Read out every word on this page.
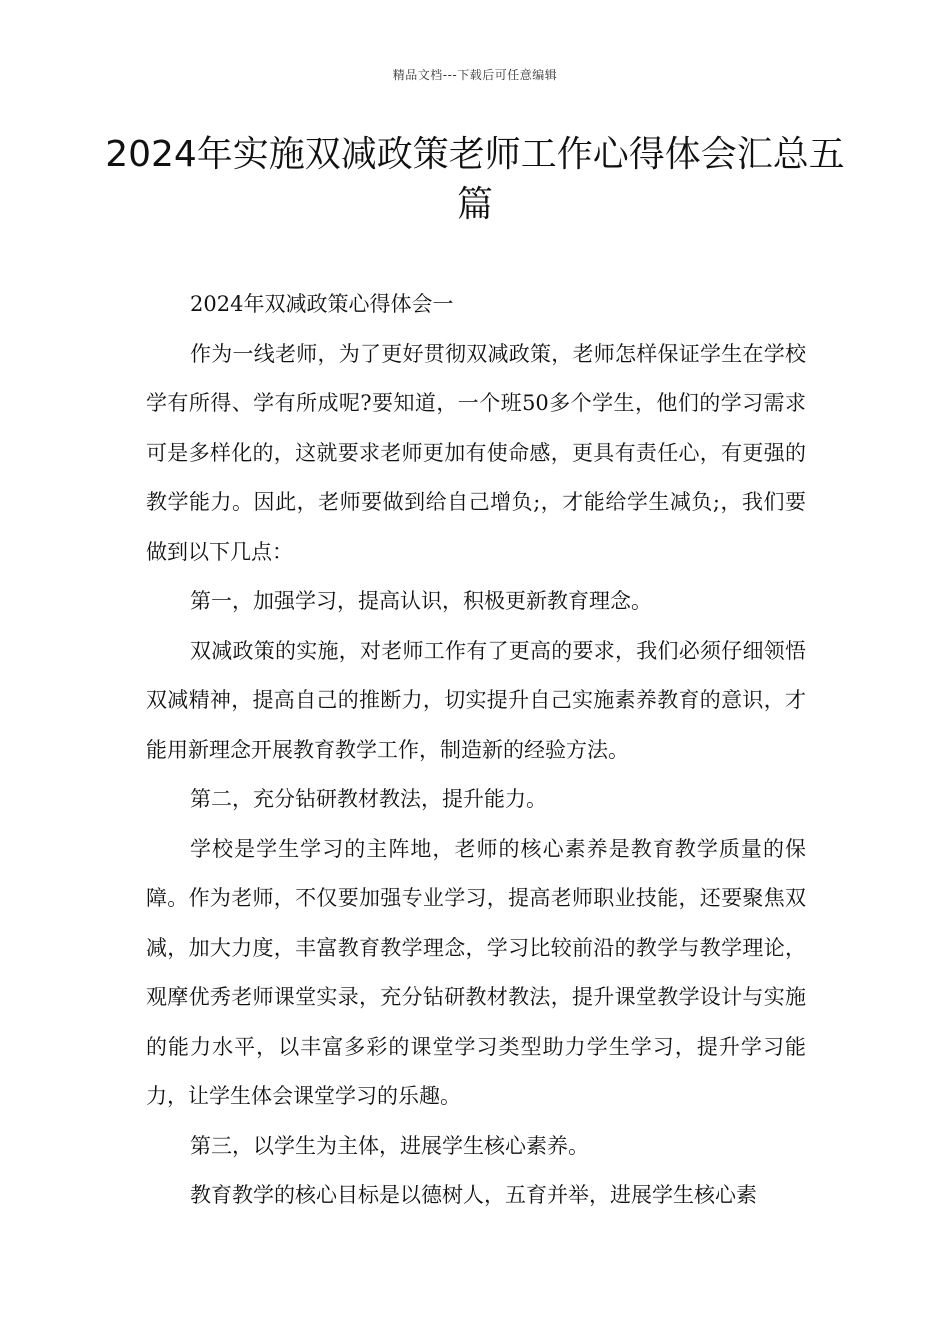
精品文档---下载后可任意编辑
2024年实施双减政策老师工作心得体会汇总五篇

2024年双减政策心得体会一

作为一线老师，为了更好贯彻双减政策，老师怎样保证学生在学校学有所得、学有所成呢?要知道，一个班50多个学生，他们的学习需求可是多样化的，这就要求老师更加有使命感，更具有责任心，有更强的教学能力。因此，老师要做到给自己增负;，才能给学生减负;，我们要做到以下几点：

第一，加强学习，提高认识，积极更新教育理念。

双减政策的实施，对老师工作有了更高的要求，我们必须仔细领悟双减精神，提高自己的推断力，切实提升自己实施素养教育的意识，才能用新理念开展教育教学工作，制造新的经验方法。

第二，充分钻研教材教法，提升能力。

学校是学生学习的主阵地，老师的核心素养是教育教学质量的保障。作为老师，不仅要加强专业学习，提高老师职业技能，还要聚焦双减，加大力度，丰富教育教学理念，学习比较前沿的教学与教学理论，观摩优秀老师课堂实录，充分钻研教材教法，提升课堂教学设计与实施的能力水平，以丰富多彩的课堂学习类型助力学生学习，提升学习能力，让学生体会课堂学习的乐趣。

第三，以学生为主体，进展学生核心素养。

教育教学的核心目标是以德树人，五育并举，进展学生核心素
